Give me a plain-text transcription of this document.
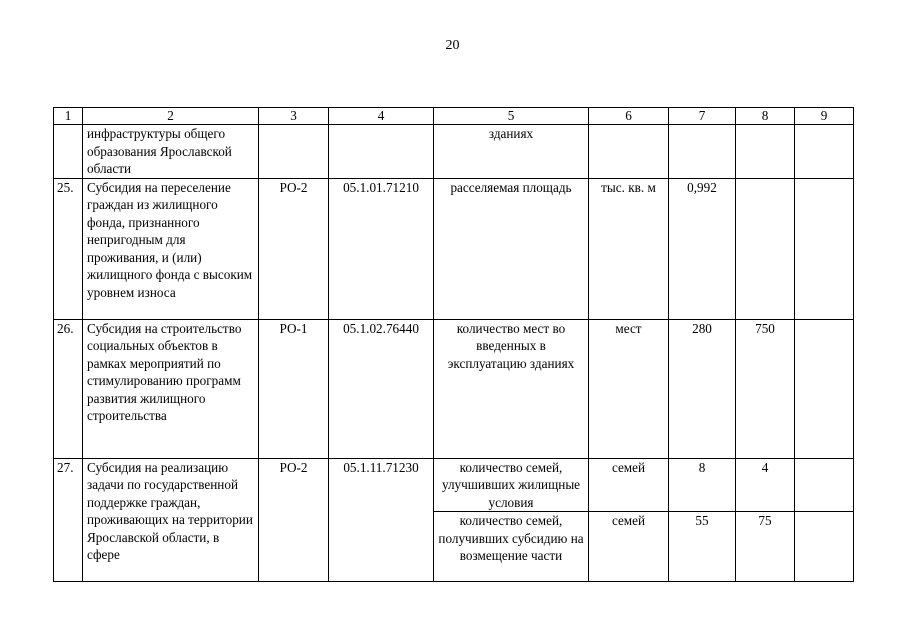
20
1	2	3	4	5	6	7	8	9
	инфраструктуры общего образования Ярославской области			зданиях				
25.	Субсидия на переселение граждан из жилищного фонда, признанного непригодным для проживания, и (или) жилищного фонда с высоким уровнем износа	РО-2	05.1.01.71210	расселяемая площадь	тыс. кв. м	0,992		
26.	Субсидия на строительство социальных объектов в рамках мероприятий по стимулированию программ развития жилищного строительства	РО-1	05.1.02.76440	количество мест во введенных в эксплуатацию зданиях	мест	280	750	
27.	Субсидия на реализацию задачи по государственной поддержке граждан, проживающих на территории Ярославской области, в сфере	РО-2	05.1.11.71230	количество семей, улучшивших жилищные условия	семей	8	4	
				количество семей, получивших субсидию на возмещение части	семей	55	75	
